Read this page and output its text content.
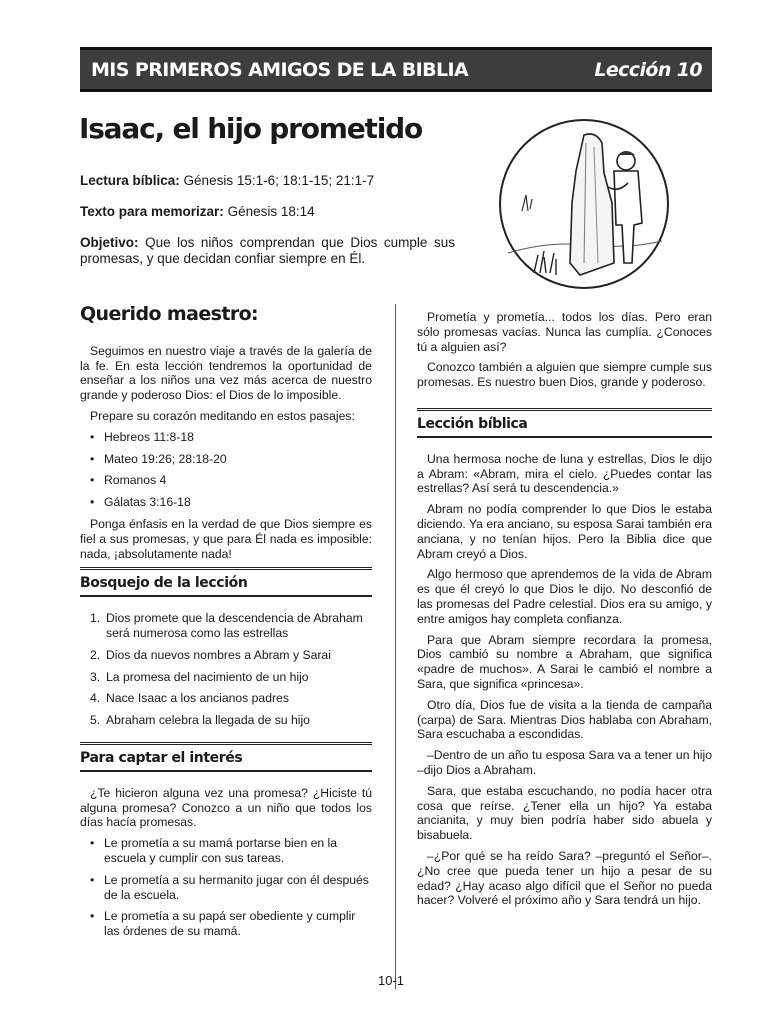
MIS PRIMEROS AMIGOS DE LA BIBLIA	Lección 10
Isaac, el hijo prometido
Lectura bíblica: Génesis 15:1-6; 18:1-15; 21:1-7
Texto para memorizar: Génesis 18:14
Objetivo: Que los niños comprendan que Dios cumple sus promesas, y que decidan confiar siempre en Él.
Querido maestro:

Seguimos en nuestro viaje a través de la galería de la fe. En esta lección tendremos la oportunidad de enseñar a los niños una vez más acerca de nuestro grande y poderoso Dios: el Dios de lo imposible.

Prepare su corazón meditando en estos pasajes:

• Hebreos 11:8-18
• Mateo 19:26; 28:18-20
• Romanos 4
• Gálatas 3:16-18

Ponga énfasis en la verdad de que Dios siempre es fiel a sus promesas, y que para Él nada es imposible: nada, ¡absolutamente nada!

Bosquejo de la lección
1. Dios promete que la descendencia de Abraham será numerosa como las estrellas
2. Dios da nuevos nombres a Abram y Sarai
3. La promesa del nacimiento de un hijo
4. Nace Isaac a los ancianos padres
5. Abraham celebra la llegada de su hijo
Para captar el interés

¿Te hicieron alguna vez una promesa? ¿Hiciste tú alguna promesa? Conozco a un niño que todos los días hacía promesas.

• Le prometía a su mamá portarse bien en la escuela y cumplir con sus tareas.
• Le prometía a su hermanito jugar con él después de la escuela.
• Le prometía a su papá ser obediente y cumplir las órdenes de su mamá.

Prometía y prometía... todos los días. Pero eran sólo promesas vacías. Nunca las cumplía. ¿Conoces tú a alguien así?

Conozco también a alguien que siempre cumple sus promesas. Es nuestro buen Dios, grande y poderoso.

Lección bíblica

Una hermosa noche de luna y estrellas, Dios le dijo a Abram: «Abram, mira el cielo. ¿Puedes contar las estrellas? Así será tu descendencia.»

Abram no podía comprender lo que Dios le estaba diciendo. Ya era anciano, su esposa Sarai también era anciana, y no tenían hijos. Pero la Biblia dice que Abram creyó a Dios.

Algo hermoso que aprendemos de la vida de Abram es que él creyó lo que Dios le dijo. No desconfió de las promesas del Padre celestial. Dios era su amigo, y entre amigos hay completa confianza.

Para que Abram siempre recordara la promesa, Dios cambió su nombre a Abraham, que significa «padre de muchos». A Sarai le cambió el nombre a Sara, que significa «princesa».

Otro día, Dios fue de visita a la tienda de campaña (carpa) de Sara. Mientras Dios hablaba con Abraham, Sara escuchaba a escondidas.

–Dentro de un año tu esposa Sara va a tener un hijo –dijo Dios a Abraham.

Sara, que estaba escuchando, no podía hacer otra cosa que reírse. ¿Tener ella un hijo? Ya estaba ancianita, y muy bien podría haber sido abuela y bisabuela.

–¿Por qué se ha reído Sara? –preguntó el Señor–. ¿No cree que pueda tener un hijo a pesar de su edad? ¿Hay acaso algo difícil que el Señor no pueda hacer? Volveré el próximo año y Sara tendrá un hijo.

10-1
